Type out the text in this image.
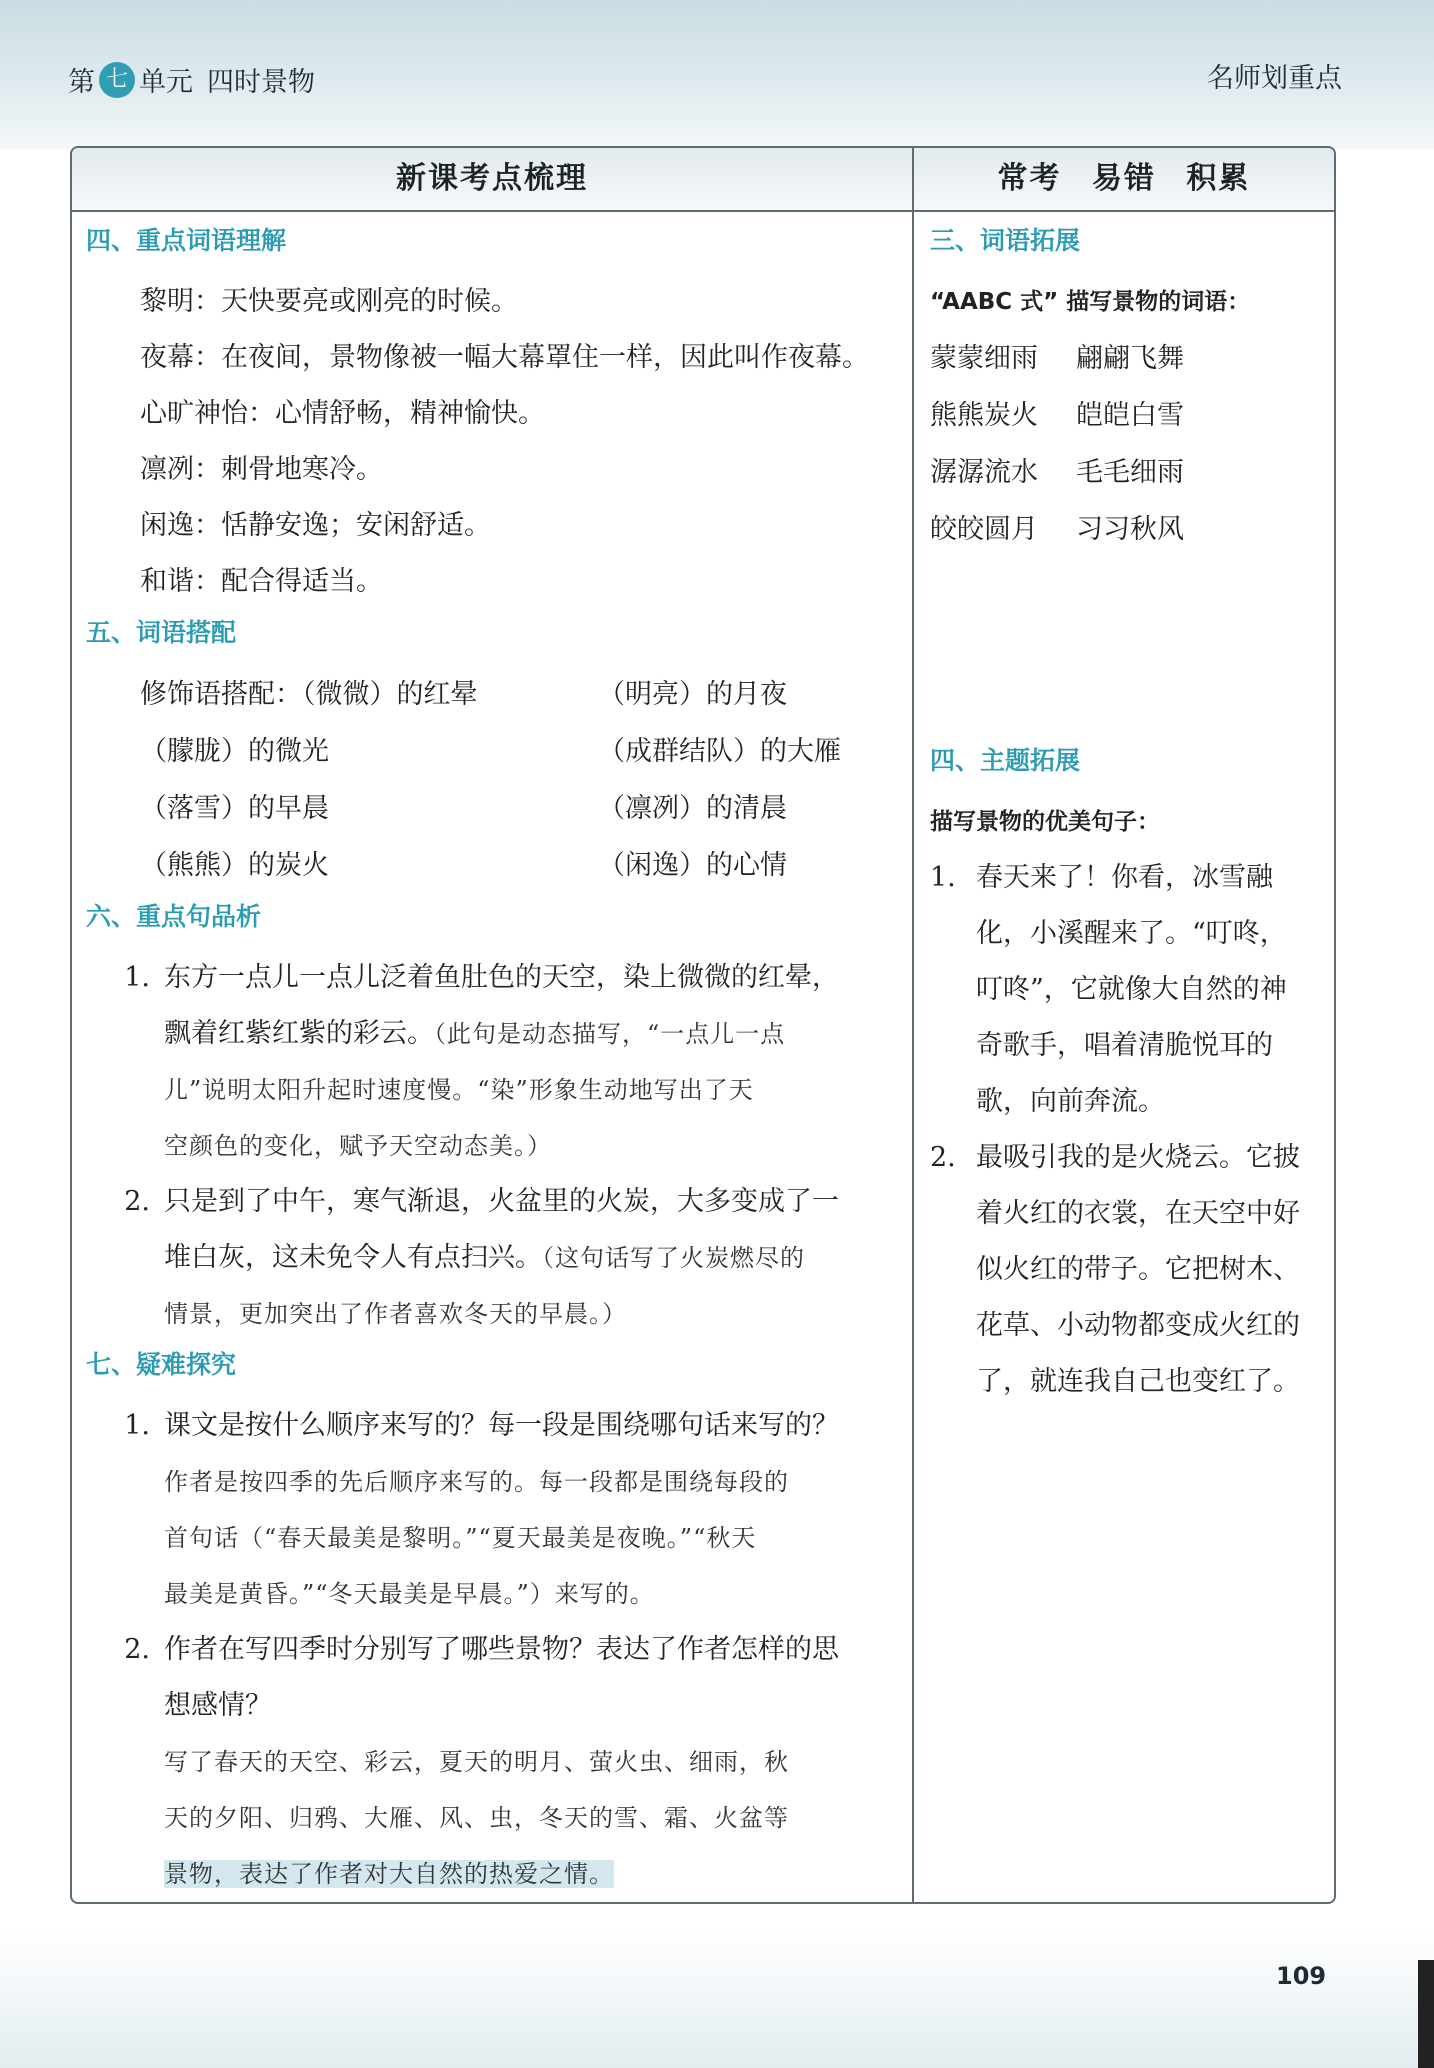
第 七 单元 四时景物	名师划重点
新课考点梳理	常考 易错 积累
四、重点词语理解
黎明：天快要亮或刚亮的时候。
夜幕：在夜间，景物像被一幅大幕罩住一样，因此叫作夜幕。
心旷神怡：心情舒畅，精神愉快。
凛冽：刺骨地寒冷。
闲逸：恬静安逸；安闲舒适。
和谐：配合得适当。
五、词语搭配
修饰语搭配：（微微）的红晕	（明亮）的月夜
（朦胧）的微光	（成群结队）的大雁
（落雪）的早晨	（凛冽）的清晨
（熊熊）的炭火	（闲逸）的心情
六、重点句品析
1. 东方一点儿一点儿泛着鱼肚色的天空，染上微微的红晕，
飘着红紫红紫的彩云。（此句是动态描写，“一点儿一点
儿”说明太阳升起时速度慢。“染”形象生动地写出了天
空颜色的变化，赋予天空动态美。）
2. 只是到了中午，寒气渐退，火盆里的火炭，大多变成了一
堆白灰，这未免令人有点扫兴。（这句话写了火炭燃尽的
情景，更加突出了作者喜欢冬天的早晨。）
七、疑难探究
1. 课文是按什么顺序来写的？每一段是围绕哪句话来写的？
作者是按四季的先后顺序来写的。每一段都是围绕每段的
首句话（“春天最美是黎明。”“夏天最美是夜晚。”“秋天
最美是黄昏。”“冬天最美是早晨。”）来写的。
2. 作者在写四季时分别写了哪些景物？表达了作者怎样的思
想感情？
写了春天的天空、彩云，夏天的明月、萤火虫、细雨，秋
天的夕阳、归鸦、大雁、风、虫，冬天的雪、霜、火盆等
景物，表达了作者对大自然的热爱之情。
三、词语拓展
“AABC 式” 描写景物的词语：
蒙蒙细雨	翩翩飞舞
熊熊炭火	皑皑白雪
潺潺流水	毛毛细雨
皎皎圆月	习习秋风
四、主题拓展
描写景物的优美句子：
1. 春天来了！你看，冰雪融
化，小溪醒来了。“叮咚，
叮咚”，它就像大自然的神
奇歌手，唱着清脆悦耳的
歌，向前奔流。
2. 最吸引我的是火烧云。它披
着火红的衣裳，在天空中好
似火红的带子。它把树木、
花草、小动物都变成火红的
了，就连我自己也变红了。
109
